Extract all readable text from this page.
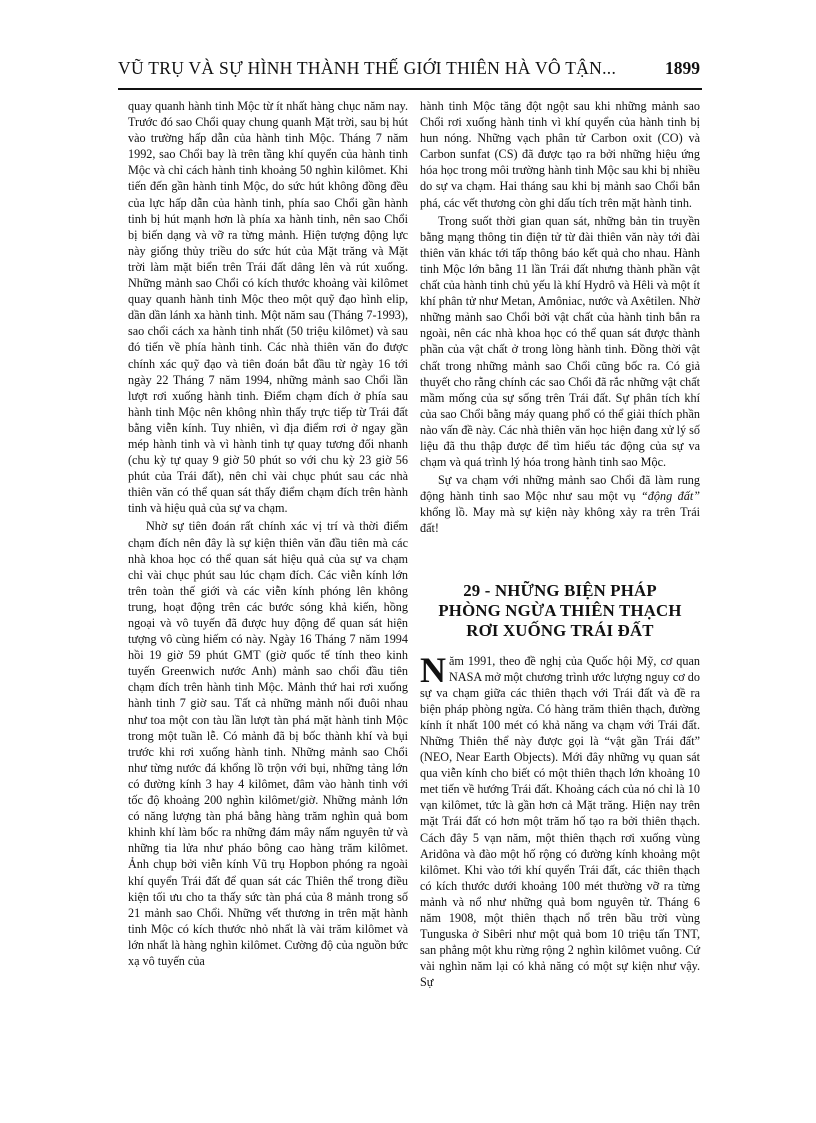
VŨ TRỤ VÀ SỰ HÌNH THÀNH THẾ GIỚI THIÊN HÀ VÔ TẬN...	1899

quay quanh hành tinh Mộc từ ít nhất hàng chục năm nay. Trước đó sao Chổi quay chung quanh Mặt trời, sau bị hút vào trường hấp dẫn của hành tinh Mộc. Tháng 7 năm 1992, sao Chổi bay là trên tầng khí quyển của hành tinh Mộc và chỉ cách hành tinh khoảng 50 nghìn kilômet. Khi tiến đến gần hành tinh Mộc, do sức hút không đồng đều của lực hấp dẫn của hành tinh, phía sao Chổi gần hành tinh bị hút mạnh hơn là phía xa hành tinh, nên sao Chổi bị biến dạng và vỡ ra từng mảnh. Hiện tượng động lực này giống thủy triều do sức hút của Mặt trăng và Mặt trời làm mặt biển trên Trái đất dâng lên và rút xuống. Những mảnh sao Chổi có kích thước khoảng vài kilômet quay quanh hành tinh Mộc theo một quỹ đạo hình elip, dần dần lánh xa hành tinh. Một năm sau (Tháng 7-1993), sao chổi cách xa hành tinh nhất (50 triệu kilômet) và sau đó tiến về phía hành tinh. Các nhà thiên văn đo được chính xác quỹ đạo và tiên đoán bắt đầu từ ngày 16 tới ngày 22 Tháng 7 năm 1994, những mảnh sao Chổi lần lượt rơi xuống hành tinh. Điểm chạm đích ở phía sau hành tinh Mộc nên không nhìn thấy trực tiếp từ Trái đất bằng viễn kính. Tuy nhiên, vì địa điểm rơi ở ngay gần mép hành tinh và vì hành tinh tự quay tương đối nhanh (chu kỳ tự quay 9 giờ 50 phút so với chu kỳ 23 giờ 56 phút của Trái đất), nên chỉ vài chục phút sau các nhà thiên văn có thể quan sát thấy điểm chạm đích trên hành tinh và hiệu quả của sự va chạm.

Nhờ sự tiên đoán rất chính xác vị trí và thời điểm chạm đích nên đây là sự kiện thiên văn đầu tiên mà các nhà khoa học có thể quan sát hiệu quả của sự va chạm chỉ vài chục phút sau lúc chạm đích. Các viễn kính lớn trên toàn thế giới và các viễn kính phóng lên không trung, hoạt động trên các bước sóng khả kiến, hồng ngoại và vô tuyến đã được huy động để quan sát hiện tượng vô cùng hiếm có này. Ngày 16 Tháng 7 năm 1994 hồi 19 giờ 59 phút GMT (giờ quốc tế tính theo kinh tuyến Greenwich nước Anh) mảnh sao chổi đầu tiên chạm đích trên hành tinh Mộc. Mảnh thứ hai rơi xuống hành tinh 7 giờ sau. Tất cả những mảnh nối đuôi nhau như toa một con tàu lần lượt tàn phá mặt hành tinh Mộc trong một tuần lễ. Có mảnh đã bị bốc thành khí và bụi trước khi rơi xuống hành tinh. Những mảnh sao Chổi như từng nước đá khổng lồ trộn với bụi, những tảng lớn có đường kính 3 hay 4 kilômet, đâm vào hành tinh với tốc độ khoảng 200 nghìn kilômet/giờ. Những mảnh lớn có năng lượng tàn phá bằng hàng trăm nghìn quả bom khinh khí làm bốc ra những đám mây nấm nguyên tử và những tia lửa như pháo bông cao hàng trăm kilômet. Ảnh chụp bởi viễn kính Vũ trụ Hopbon phóng ra ngoài khí quyển Trái đất để quan sát các Thiên thể trong điều kiện tối ưu cho ta thấy sức tàn phá của 8 mảnh trong số 21 mảnh sao Chổi. Những vết thương in trên mặt hành tinh Mộc có kích thước nhỏ nhất là vài trăm kilômet và lớn nhất là hàng nghìn kilômet. Cường độ của nguồn bức xạ vô tuyến của

hành tinh Mộc tăng đột ngột sau khi những mảnh sao Chổi rơi xuống hành tinh vì khí quyển của hành tinh bị hun nóng. Những vạch phân tử Carbon oxit (CO) và Carbon sunfat (CS) đã được tạo ra bởi những hiệu ứng hóa học trong môi trường hành tinh Mộc sau khi bị nhiều do sự va chạm. Hai tháng sau khi bị mảnh sao Chổi bắn phá, các vết thương còn ghi dấu tích trên mặt hành tinh.

Trong suốt thời gian quan sát, những bản tin truyền bằng mạng thông tin điện tử từ đài thiên văn này tới đài thiên văn khác tới tấp thông báo kết quả cho nhau. Hành tinh Mộc lớn bằng 11 lần Trái đất nhưng thành phần vật chất của hành tinh chủ yếu là khí Hydrô và Hêli và một ít khí phân tử như Metan, Amôniac, nước và Axêtilen. Nhờ những mảnh sao Chổi bởi vật chất của hành tinh bắn ra ngoài, nên các nhà khoa học có thể quan sát được thành phần của vật chất ở trong lòng hành tinh. Đồng thời vật chất trong những mảnh sao Chổi cũng bốc ra. Có giả thuyết cho rằng chính các sao Chổi đã rắc những vật chất mầm mống của sự sống trên Trái đất. Sự phân tích khí của sao Chổi bằng máy quang phổ có thể giải thích phần nào vấn đề này. Các nhà thiên văn học hiện đang xử lý số liệu đã thu thập được để tìm hiểu tác động của sự va chạm và quá trình lý hóa trong hành tinh sao Mộc.

Sự va chạm với những mảnh sao Chổi đã làm rung động hành tinh sao Mộc như sau một vụ “động đất” khổng lồ. May mà sự kiện này không xảy ra trên Trái đất!

29 - NHỮNG BIỆN PHÁP
PHÒNG NGỪA THIÊN THẠCH
RƠI XUỐNG TRÁI ĐẤT

Năm 1991, theo đề nghị của Quốc hội Mỹ, cơ quan NASA mở một chương trình ước lượng nguy cơ do sự va chạm giữa các thiên thạch với Trái đất và đề ra biện pháp phòng ngừa. Có hàng trăm thiên thạch, đường kính ít nhất 100 mét có khả năng va chạm với Trái đất. Những Thiên thể này được gọi là “vật gần Trái đất” (NEO, Near Earth Objects). Mới đây những vụ quan sát qua viễn kính cho biết có một thiên thạch lớn khoảng 10 met tiến về hướng Trái đất. Khoảng cách của nó chỉ là 10 vạn kilômet, tức là gần hơn cả Mặt trăng. Hiện nay trên mặt Trái đất có hơn một trăm hố tạo ra bởi thiên thạch. Cách đây 5 vạn năm, một thiên thạch rơi xuống vùng Aridôna và đào một hố rộng có đường kính khoảng một kilômet. Khi vào tới khí quyển Trái đất, các thiên thạch có kích thước dưới khoảng 100 mét thường vỡ ra từng mảnh và nổ như những quả bom nguyên tử. Tháng 6 năm 1908, một thiên thạch nổ trên bầu trời vùng Tunguska ở Sibêri như một quả bom 10 triệu tấn TNT, san phẳng một khu rừng rộng 2 nghìn kilômet vuông. Cứ vài nghìn năm lại có khả năng có một sự kiện như vậy. Sự
